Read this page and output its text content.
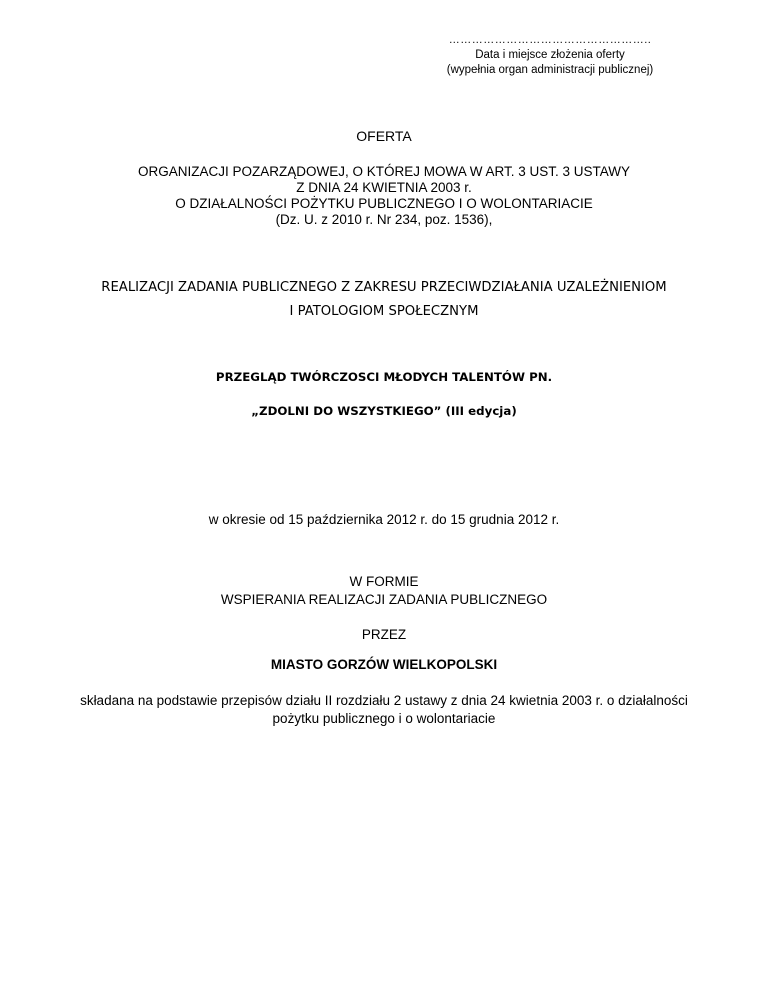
……………………………………………..
Data i miejsce złożenia oferty
(wypełnia organ administracji publicznej)
OFERTA
ORGANIZACJI POZARZĄDOWEJ, O KTÓREJ MOWA W ART. 3 UST. 3 USTAWY
Z DNIA 24 KWIETNIA 2003 r.
O DZIAŁALNOŚCI POŻYTKU PUBLICZNEGO I O WOLONTARIACIE
(Dz. U. z 2010 r. Nr 234, poz. 1536),
REALIZACJI ZADANIA PUBLICZNEGO Z ZAKRESU PRZECIWDZIAŁANIA UZALEŻNIENIOM
I PATOLOGIOM SPOŁECZNYM
PRZEGLĄD TWÓRCZOSCI MŁODYCH TALENTÓW PN.
„ZDOLNI DO WSZYSTKIEGO” (III edycja)
w okresie od 15 października 2012 r. do 15 grudnia 2012 r.
W FORMIE
WSPIERANIA REALIZACJI ZADANIA PUBLICZNEGO
PRZEZ
MIASTO GORZÓW WIELKOPOLSKI
składana na podstawie przepisów działu II rozdziału 2 ustawy z dnia 24 kwietnia 2003 r. o działalności
pożytku publicznego i o wolontariacie
